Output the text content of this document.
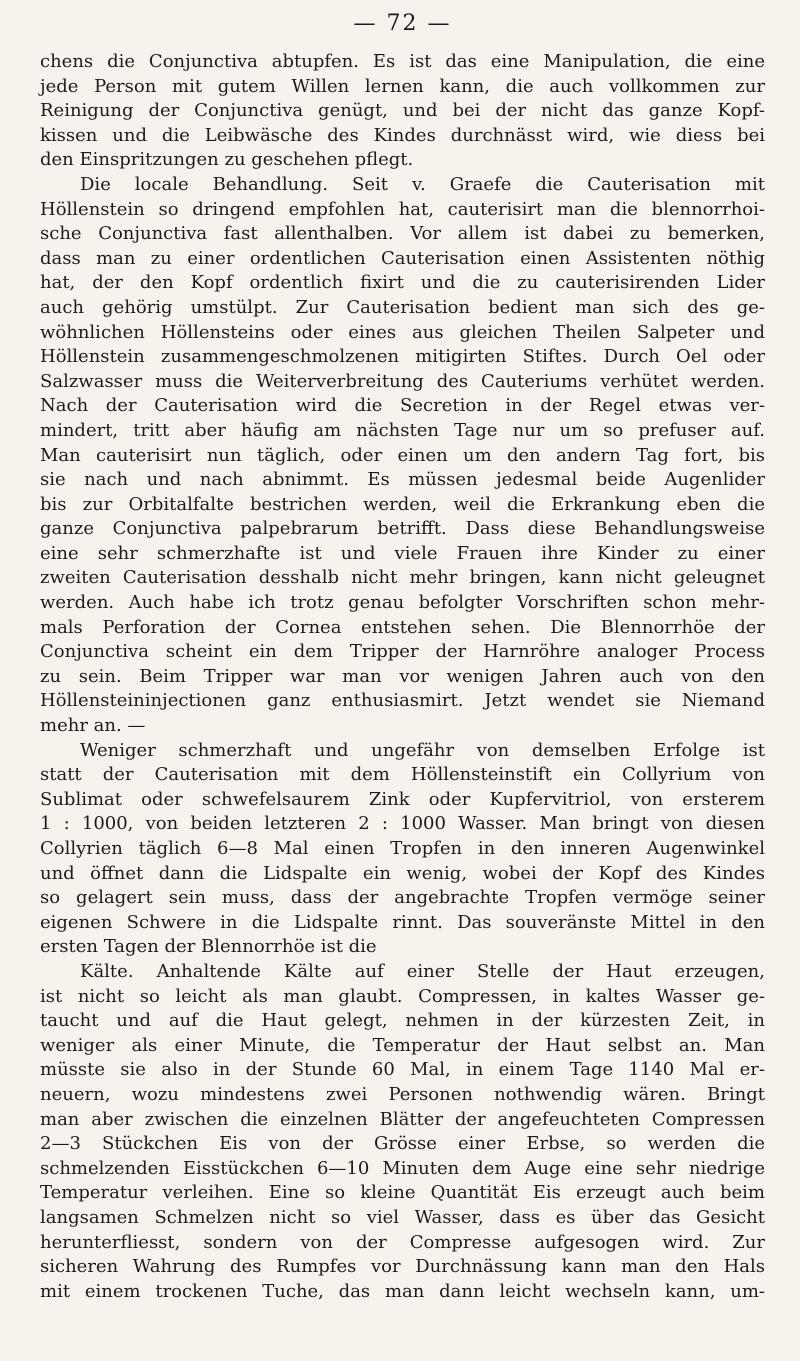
— 72 —
chens die Conjunctiva abtupfen. Es ist das eine Manipulation, die eine
jede Person mit gutem Willen lernen kann, die auch vollkommen zur
Reinigung der Conjunctiva genügt, und bei der nicht das ganze Kopf-
kissen und die Leibwäsche des Kindes durchnässt wird, wie diess bei
den Einspritzungen zu geschehen pflegt.
Die locale Behandlung. Seit v. Graefe die Cauterisation mit
Höllenstein so dringend empfohlen hat, cauterisirt man die blennorrhoi-
sche Conjunctiva fast allenthalben. Vor allem ist dabei zu bemerken,
dass man zu einer ordentlichen Cauterisation einen Assistenten nöthig
hat, der den Kopf ordentlich fixirt und die zu cauterisirenden Lider
auch gehörig umstülpt. Zur Cauterisation bedient man sich des ge-
wöhnlichen Höllensteins oder eines aus gleichen Theilen Salpeter und
Höllenstein zusammengeschmolzenen mitigirten Stiftes. Durch Oel oder
Salzwasser muss die Weiterverbreitung des Cauteriums verhütet werden.
Nach der Cauterisation wird die Secretion in der Regel etwas ver-
mindert, tritt aber häufig am nächsten Tage nur um so prefuser auf.
Man cauterisirt nun täglich, oder einen um den andern Tag fort, bis
sie nach und nach abnimmt. Es müssen jedesmal beide Augenlider
bis zur Orbitalfalte bestrichen werden, weil die Erkrankung eben die
ganze Conjunctiva palpebrarum betrifft. Dass diese Behandlungsweise
eine sehr schmerzhafte ist und viele Frauen ihre Kinder zu einer
zweiten Cauterisation desshalb nicht mehr bringen, kann nicht geleugnet
werden. Auch habe ich trotz genau befolgter Vorschriften schon mehr-
mals Perforation der Cornea entstehen sehen. Die Blennorrhöe der
Conjunctiva scheint ein dem Tripper der Harnröhre analoger Process
zu sein. Beim Tripper war man vor wenigen Jahren auch von den
Höllensteininjectionen ganz enthusiasmirt. Jetzt wendet sie Niemand
mehr an. —
Weniger schmerzhaft und ungefähr von demselben Erfolge ist
statt der Cauterisation mit dem Höllensteinstift ein Collyrium von
Sublimat oder schwefelsaurem Zink oder Kupfervitriol, von ersterem
1 : 1000, von beiden letzteren 2 : 1000 Wasser. Man bringt von diesen
Collyrien täglich 6—8 Mal einen Tropfen in den inneren Augenwinkel
und öffnet dann die Lidspalte ein wenig, wobei der Kopf des Kindes
so gelagert sein muss, dass der angebrachte Tropfen vermöge seiner
eigenen Schwere in die Lidspalte rinnt. Das souveränste Mittel in den
ersten Tagen der Blennorrhöe ist die
Kälte. Anhaltende Kälte auf einer Stelle der Haut erzeugen,
ist nicht so leicht als man glaubt. Compressen, in kaltes Wasser ge-
taucht und auf die Haut gelegt, nehmen in der kürzesten Zeit, in
weniger als einer Minute, die Temperatur der Haut selbst an. Man
müsste sie also in der Stunde 60 Mal, in einem Tage 1140 Mal er-
neuern, wozu mindestens zwei Personen nothwendig wären. Bringt
man aber zwischen die einzelnen Blätter der angefeuchteten Compressen
2—3 Stückchen Eis von der Grösse einer Erbse, so werden die
schmelzenden Eisstückchen 6—10 Minuten dem Auge eine sehr niedrige
Temperatur verleihen. Eine so kleine Quantität Eis erzeugt auch beim
langsamen Schmelzen nicht so viel Wasser, dass es über das Gesicht
herunterfliesst, sondern von der Compresse aufgesogen wird. Zur
sicheren Wahrung des Rumpfes vor Durchnässung kann man den Hals
mit einem trockenen Tuche, das man dann leicht wechseln kann, um-
